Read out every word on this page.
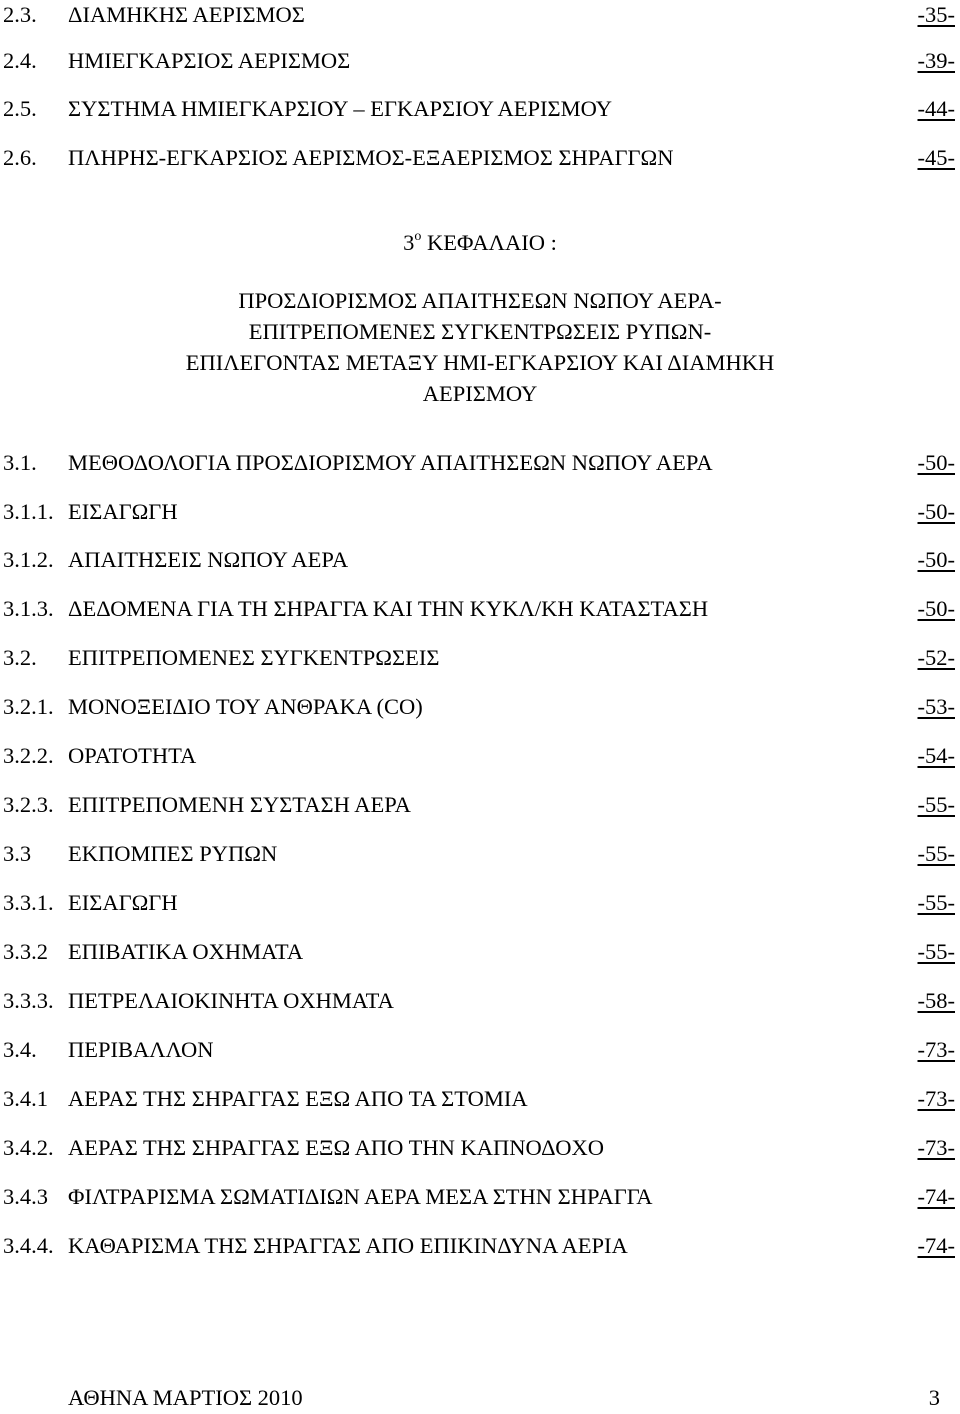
2.3. ΔΙΑΜΗΚΗΣ ΑΕΡΙΣΜΟΣ	-35-
2.4. ΗΜΙΕΓΚΑΡΣΙΟΣ ΑΕΡΙΣΜΟΣ	-39-
2.5. ΣΥΣΤΗΜΑ ΗΜΙΕΓΚΑΡΣΙΟΥ – ΕΓΚΑΡΣΙΟΥ ΑΕΡΙΣΜΟΥ	-44-
2.6. ΠΛΗΡΗΣ-ΕΓΚΑΡΣΙΟΣ ΑΕΡΙΣΜΟΣ-ΕΞΑΕΡΙΣΜΟΣ ΣΗΡΑΓΓΩΝ	-45-
$3^o$ ΚΕΦΑΛΑΙΟ :
ΠΡΟΣΔΙΟΡΙΣΜΟΣ ΑΠΑΙΤΗΣΕΩΝ ΝΩΠΟΥ ΑΕΡΑ-
ΕΠΙΤΡΕΠΟΜΕΝΕΣ ΣΥΓΚΕΝΤΡΩΣΕΙΣ ΡΥΠΩΝ-
ΕΠΙΛΕΓΟΝΤΑΣ ΜΕΤΑΞΥ ΗΜΙ-ΕΓΚΑΡΣΙΟΥ ΚΑΙ ΔΙΑΜΗΚΗ
ΑΕΡΙΣΜΟΥ
3.1. ΜΕΘΟΔΟΛΟΓΙΑ ΠΡΟΣΔΙΟΡΙΣΜΟΥ ΑΠΑΙΤΗΣΕΩΝ ΝΩΠΟΥ ΑΕΡΑ	-50-
3.1.1. ΕΙΣΑΓΩΓΗ	-50-
3.1.2. ΑΠΑΙΤΗΣΕΙΣ ΝΩΠΟΥ ΑΕΡΑ	-50-
3.1.3. ΔΕΔΟΜΕΝΑ ΓΙΑ ΤΗ ΣΗΡΑΓΓΑ ΚΑΙ ΤΗΝ ΚΥΚΛ/ΚΗ ΚΑΤΑΣΤΑΣΗ	-50-
3.2. ΕΠΙΤΡΕΠΟΜΕΝΕΣ ΣΥΓΚΕΝΤΡΩΣΕΙΣ	-52-
3.2.1. ΜΟΝΟΞΕΙΔΙΟ ΤΟΥ ΑΝΘΡΑΚΑ (CO)	-53-
3.2.2. ΟΡΑΤΟΤΗΤΑ	-54-
3.2.3. ΕΠΙΤΡΕΠΟΜΕΝΗ ΣΥΣΤΑΣΗ ΑΕΡΑ	-55-
3.3 ΕΚΠΟΜΠΕΣ ΡΥΠΩΝ	-55-
3.3.1. ΕΙΣΑΓΩΓΗ	-55-
3.3.2 ΕΠΙΒΑΤΙΚΑ ΟΧΗΜΑΤΑ	-55-
3.3.3. ΠΕΤΡΕΛΑΙΟΚΙΝΗΤΑ ΟΧΗΜΑΤΑ	-58-
3.4. ΠΕΡΙΒΑΛΛΟΝ	-73-
3.4.1 ΑΕΡΑΣ ΤΗΣ ΣΗΡΑΓΓΑΣ ΕΞΩ ΑΠΟ ΤΑ ΣΤΟΜΙΑ	-73-
3.4.2. ΑΕΡΑΣ ΤΗΣ ΣΗΡΑΓΓΑΣ ΕΞΩ ΑΠΟ ΤΗΝ ΚΑΠΝΟΔΟΧΟ	-73-
3.4.3 ΦΙΛΤΡΑΡΙΣΜΑ ΣΩΜΑΤΙΔΙΩΝ ΑΕΡΑ ΜΕΣΑ ΣΤΗΝ ΣΗΡΑΓΓΑ	-74-
3.4.4. ΚΑΘΑΡΙΣΜΑ ΤΗΣ ΣΗΡΑΓΓΑΣ ΑΠΟ ΕΠΙΚΙΝΔΥΝΑ ΑΕΡΙΑ	-74-
ΑΘΗΝΑ ΜΑΡΤΙΟΣ 2010	3
